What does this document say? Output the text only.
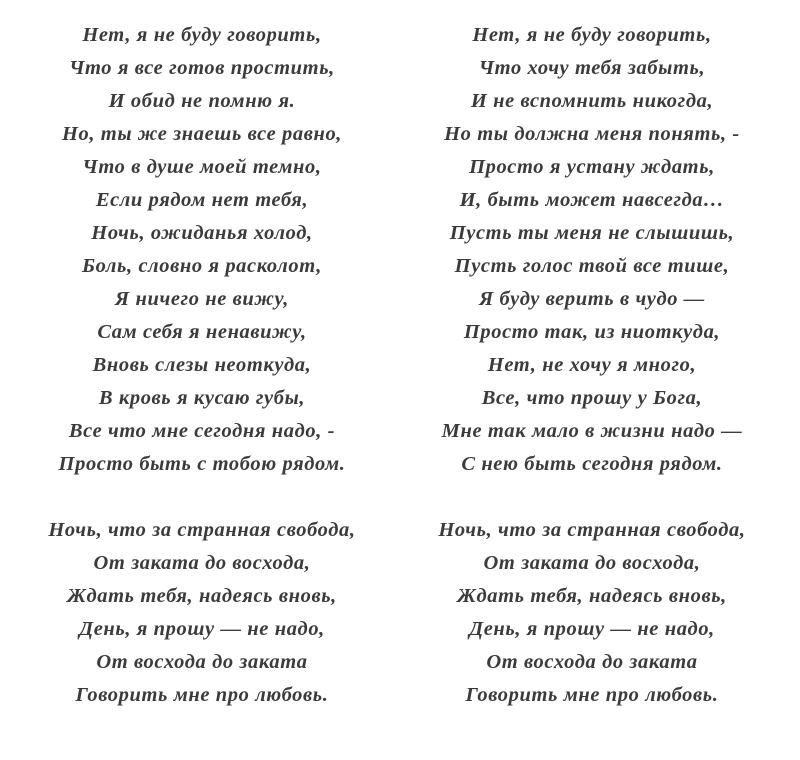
Нет, я не буду говорить,
Что я все готов простить,
И обид не помню я.
Но, ты же знаешь все равно,
Что в душе моей темно,
Если рядом нет тебя,
Ночь, ожиданья холод,
Боль, словно я расколот,
Я ничего не вижу,
Сам себя я ненавижу,
Вновь слезы неоткуда,
В кровь я кусаю губы,
Все что мне сегодня надо, -
Просто быть с тобою рядом.
Ночь, что за странная свобода,
От заката до восхода,
Ждать тебя, надеясь вновь,
День, я прошу — не надо,
От восхода до заката
Говорить мне про любовь.
Нет, я не буду говорить,
Что хочу тебя забыть,
И не вспомнить никогда,
Но ты должна меня понять, -
Просто я устану ждать,
И, быть может навсегда…
Пусть ты меня не слышишь,
Пусть голос твой все тише,
Я буду верить в чудо —
Просто так, из ниоткуда,
Нет, не хочу я много,
Все, что прошу у Бога,
Мне так мало в жизни надо —
С нею быть сегодня рядом.
Ночь, что за странная свобода,
От заката до восхода,
Ждать тебя, надеясь вновь,
День, я прошу — не надо,
От восхода до заката
Говорить мне про любовь.
